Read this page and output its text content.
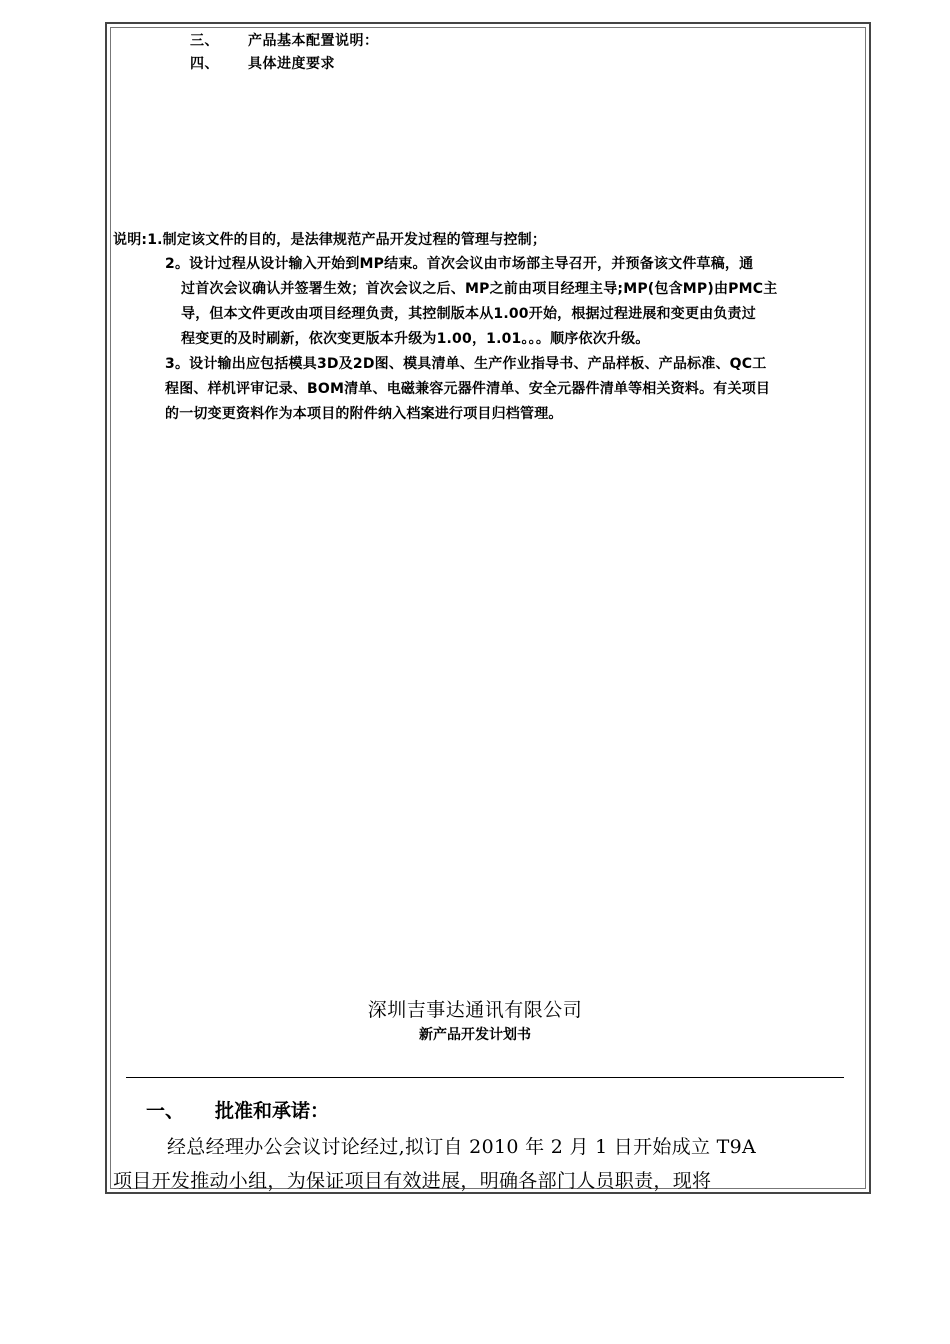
三、 产品基本配置说明：
四、 具体进度要求
说明:1.制定该文件的目的，是法律规范产品开发过程的管理与控制；
2。设计过程从设计输入开始到MP结束。首次会议由市场部主导召开，并预备该文件草稿，通
过首次会议确认并签署生效；首次会议之后、MP之前由项目经理主导;MP(包含MP)由PMC主
导，但本文件更改由项目经理负责，其控制版本从1.00开始，根据过程进展和变更由负责过
程变更的及时刷新，依次变更版本升级为1.00，1.01。。。顺序依次升级。
3。设计输出应包括模具3D及2D图、模具清单、生产作业指导书、产品样板、产品标准、QC工
程图、样机评审记录、BOM清单、电磁兼容元器件清单、安全元器件清单等相关资料。有关项目
的一切变更资料作为本项目的附件纳入档案进行项目归档管理。
深圳吉事达通讯有限公司
新产品开发计划书
一、 批准和承诺：
经总经理办公会议讨论经过,拟订自 2010 年 2 月 1 日开始成立 T9A
项目开发推动小组，为保证项目有效进展，明确各部门人员职责，现将
